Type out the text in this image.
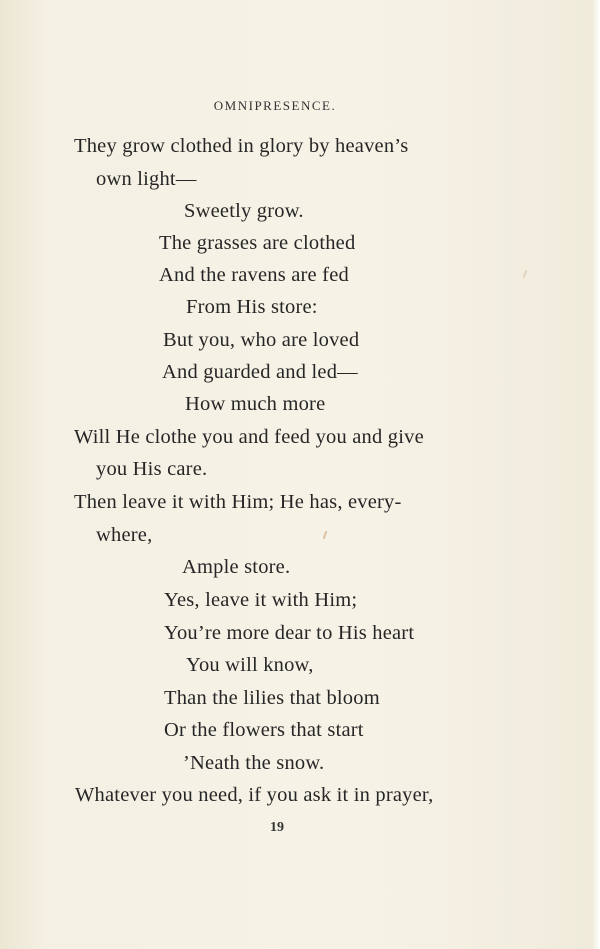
OMNIPRESENCE.
They grow clothed in glory by heaven’s
own light—
Sweetly grow.
The grasses are clothed
And the ravens are fed
From His store:
But you, who are loved
And guarded and led—
How much more
Will He clothe you and feed you and give
you His care.
Then leave it with Him; He has, every-
where,
Ample store.
Yes, leave it with Him;
You’re more dear to His heart
You will know,
Than the lilies that bloom
Or the flowers that start
’Neath the snow.
Whatever you need, if you ask it in prayer,
19
